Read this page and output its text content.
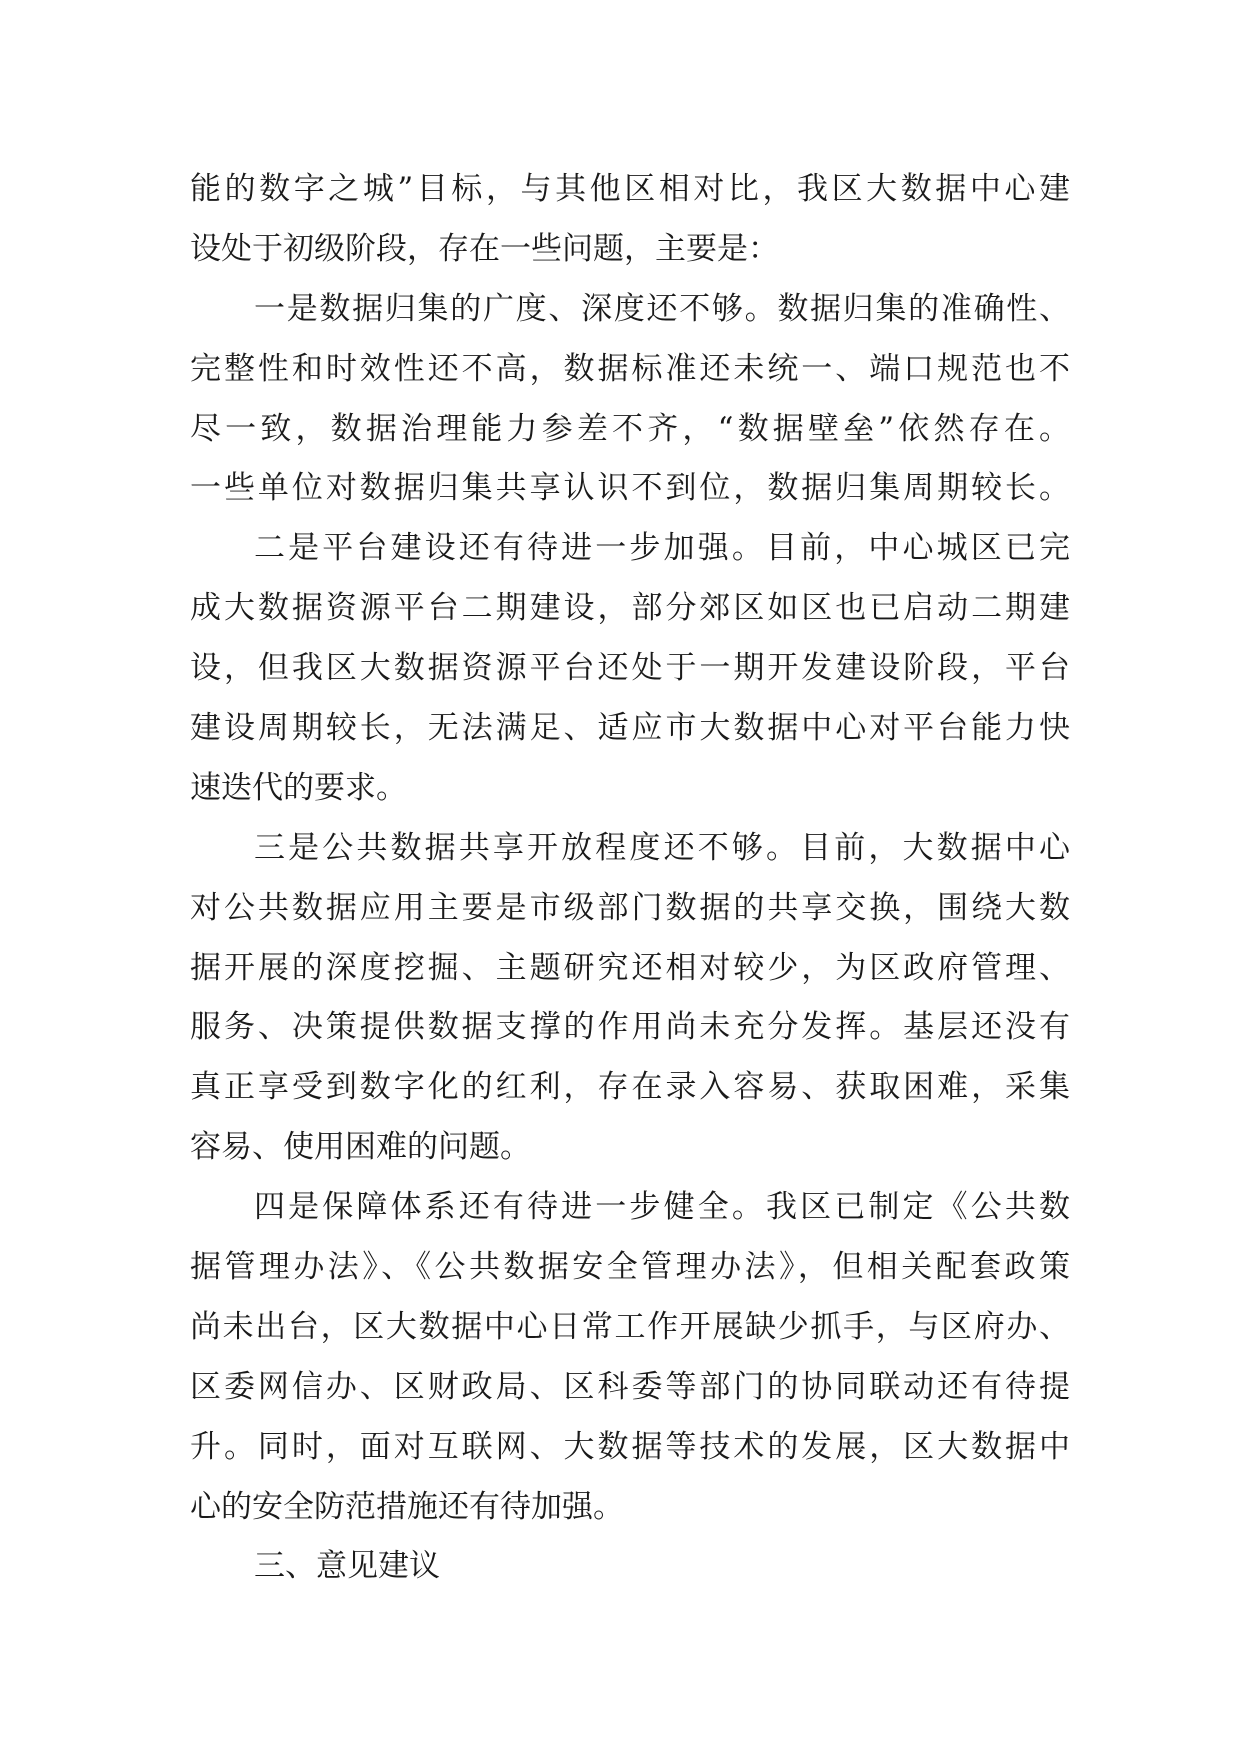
能的数字之城”目标，与其他区相对比，我区大数据中心建
设处于初级阶段，存在一些问题，主要是：
一是数据归集的广度、深度还不够。数据归集的准确性、
完整性和时效性还不高，数据标准还未统一、端口规范也不
尽一致，数据治理能力参差不齐，“数据壁垒”依然存在。
一些单位对数据归集共享认识不到位，数据归集周期较长。
二是平台建设还有待进一步加强。目前，中心城区已完
成大数据资源平台二期建设，部分郊区如区也已启动二期建
设，但我区大数据资源平台还处于一期开发建设阶段，平台
建设周期较长，无法满足、适应市大数据中心对平台能力快
速迭代的要求。
三是公共数据共享开放程度还不够。目前，大数据中心
对公共数据应用主要是市级部门数据的共享交换，围绕大数
据开展的深度挖掘、主题研究还相对较少，为区政府管理、
服务、决策提供数据支撑的作用尚未充分发挥。基层还没有
真正享受到数字化的红利，存在录入容易、获取困难，采集
容易、使用困难的问题。
四是保障体系还有待进一步健全。我区已制定《公共数
据管理办法》、《公共数据安全管理办法》，但相关配套政策
尚未出台，区大数据中心日常工作开展缺少抓手，与区府办、
区委网信办、区财政局、区科委等部门的协同联动还有待提
升。同时，面对互联网、大数据等技术的发展，区大数据中
心的安全防范措施还有待加强。
三、意见建议
